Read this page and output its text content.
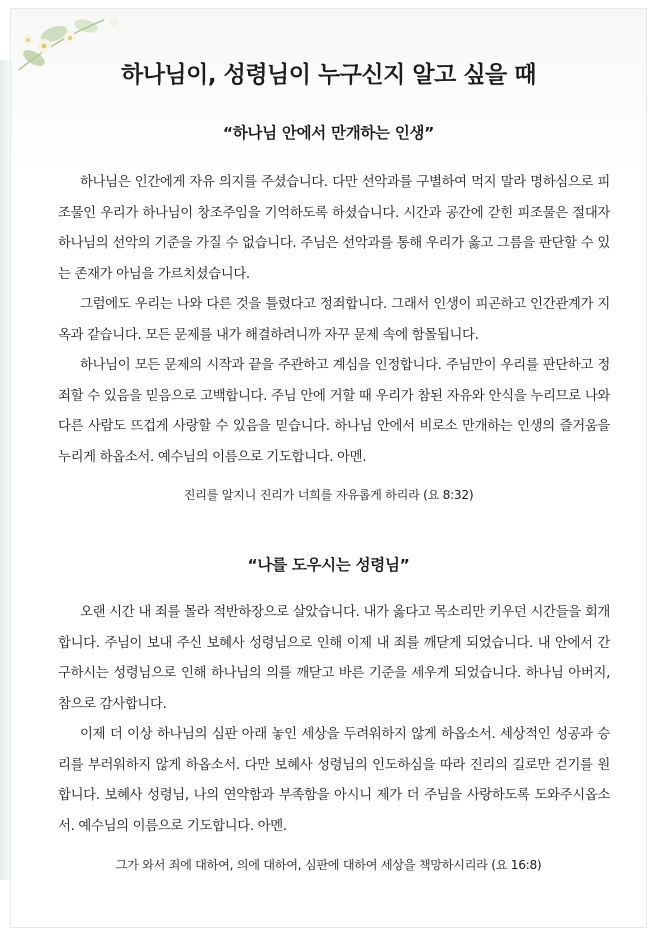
하나님이, 성령님이 누구신지 알고 싶을 때
“하나님 안에서 만개하는 인생”

하나님은 인간에게 자유 의지를 주셨습니다. 다만 선악과를 구별하여 먹지 말라 명하심으로 피조물인 우리가 하나님이 창조주임을 기억하도록 하셨습니다. 시간과 공간에 갇힌 피조물은 절대자 하나님의 선악의 기준을 가질 수 없습니다. 주님은 선악과를 통해 우리가 옳고 그름을 판단할 수 있는 존재가 아님을 가르치셨습니다.

그럼에도 우리는 나와 다른 것을 틀렸다고 정죄합니다. 그래서 인생이 피곤하고 인간관계가 지옥과 같습니다. 모든 문제를 내가 해결하려니까 자꾸 문제 속에 함몰됩니다.

하나님이 모든 문제의 시작과 끝을 주관하고 계심을 인정합니다. 주님만이 우리를 판단하고 정죄할 수 있음을 믿음으로 고백합니다. 주님 안에 거할 때 우리가 참된 자유와 안식을 누리므로 나와 다른 사람도 뜨겁게 사랑할 수 있음을 믿습니다. 하나님 안에서 비로소 만개하는 인생의 즐거움을 누리게 하옵소서. 예수님의 이름으로 기도합니다. 아멘.

진리를 알지니 진리가 너희를 자유롭게 하리라 (요 8:32)

“나를 도우시는 성령님”

오랜 시간 내 죄를 몰라 적반하장으로 살았습니다. 내가 옳다고 목소리만 키우던 시간들을 회개합니다. 주님이 보내 주신 보혜사 성령님으로 인해 이제 내 죄를 깨닫게 되었습니다. 내 안에서 간구하시는 성령님으로 인해 하나님의 의를 깨닫고 바른 기준을 세우게 되었습니다. 하나님 아버지, 참으로 감사합니다.

이제 더 이상 하나님의 심판 아래 놓인 세상을 두려워하지 않게 하옵소서. 세상적인 성공과 승리를 부러워하지 않게 하옵소서. 다만 보혜사 성령님의 인도하심을 따라 진리의 길로만 걷기를 원합니다. 보혜사 성령님, 나의 연약함과 부족함을 아시니 제가 더 주님을 사랑하도록 도와주시옵소서. 예수님의 이름으로 기도합니다. 아멘.

그가 와서 죄에 대하여, 의에 대하여, 심판에 대하여 세상을 책망하시리라 (요 16:8)
